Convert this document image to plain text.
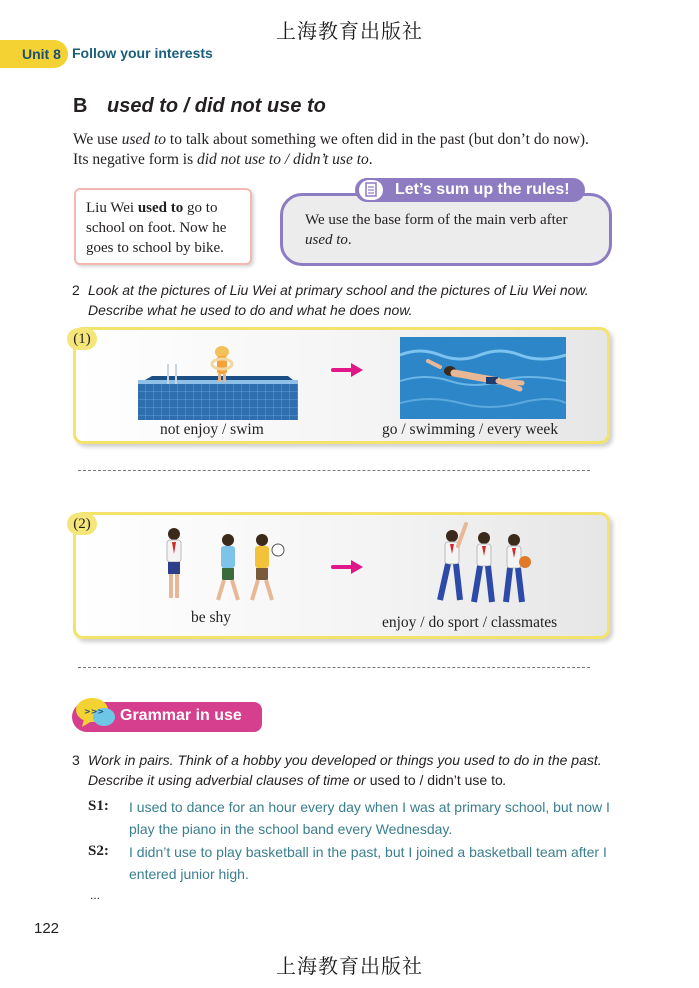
上海教育出版社
Unit 8 Follow your interests
B used to / did not use to

We use used to to talk about something we often did in the past (but don’t do now).

Its negative form is did not use to / didn’t use to.

Liu Wei used to go to school on foot. Now he goes to school by bike.
We use the base form of the main verb after used to.
Let’s sum up the rules!
2 Look at the pictures of Liu Wei at primary school and the pictures of Liu Wei now. Describe what he used to do and what he does now.
(1)
not enjoy / swim	go / swimming / every week
(2)
be shy	enjoy / do sport / classmates
>>> Grammar in use
3 Work in pairs. Think of a hobby you developed or things you used to do in the past. Describe it using adverbial clauses of time or used to / didn’t use to.
S1: I used to dance for an hour every day when I was at primary school, but now I play the piano in the school band every Wednesday.
S2: I didn’t use to play basketball in the past, but I joined a basketball team after I entered junior high.
...
122
上海教育出版社
